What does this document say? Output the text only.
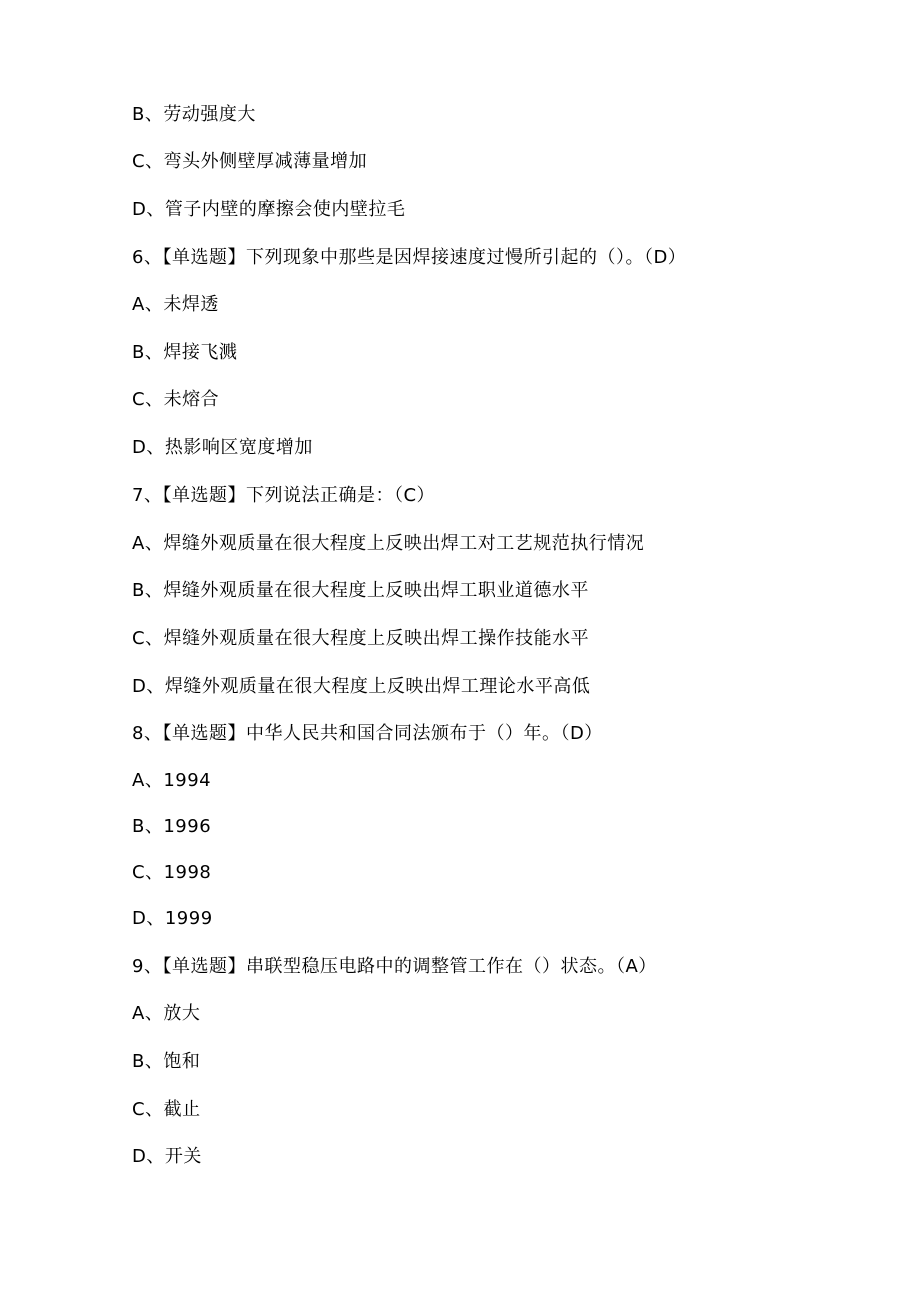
B、劳动强度大
C、弯头外侧壁厚减薄量增加
D、管子内壁的摩擦会使内壁拉毛
6、【单选题】下列现象中那些是因焊接速度过慢所引起的（）。（D）
A、未焊透
B、焊接飞溅
C、未熔合
D、热影响区宽度增加
7、【单选题】下列说法正确是：（C）
A、焊缝外观质量在很大程度上反映出焊工对工艺规范执行情况
B、焊缝外观质量在很大程度上反映出焊工职业道德水平
C、焊缝外观质量在很大程度上反映出焊工操作技能水平
D、焊缝外观质量在很大程度上反映出焊工理论水平高低
8、【单选题】中华人民共和国合同法颁布于（）年。（D）
A、1994
B、1996
C、1998
D、1999
9、【单选题】串联型稳压电路中的调整管工作在（）状态。（A）
A、放大
B、饱和
C、截止
D、开关
